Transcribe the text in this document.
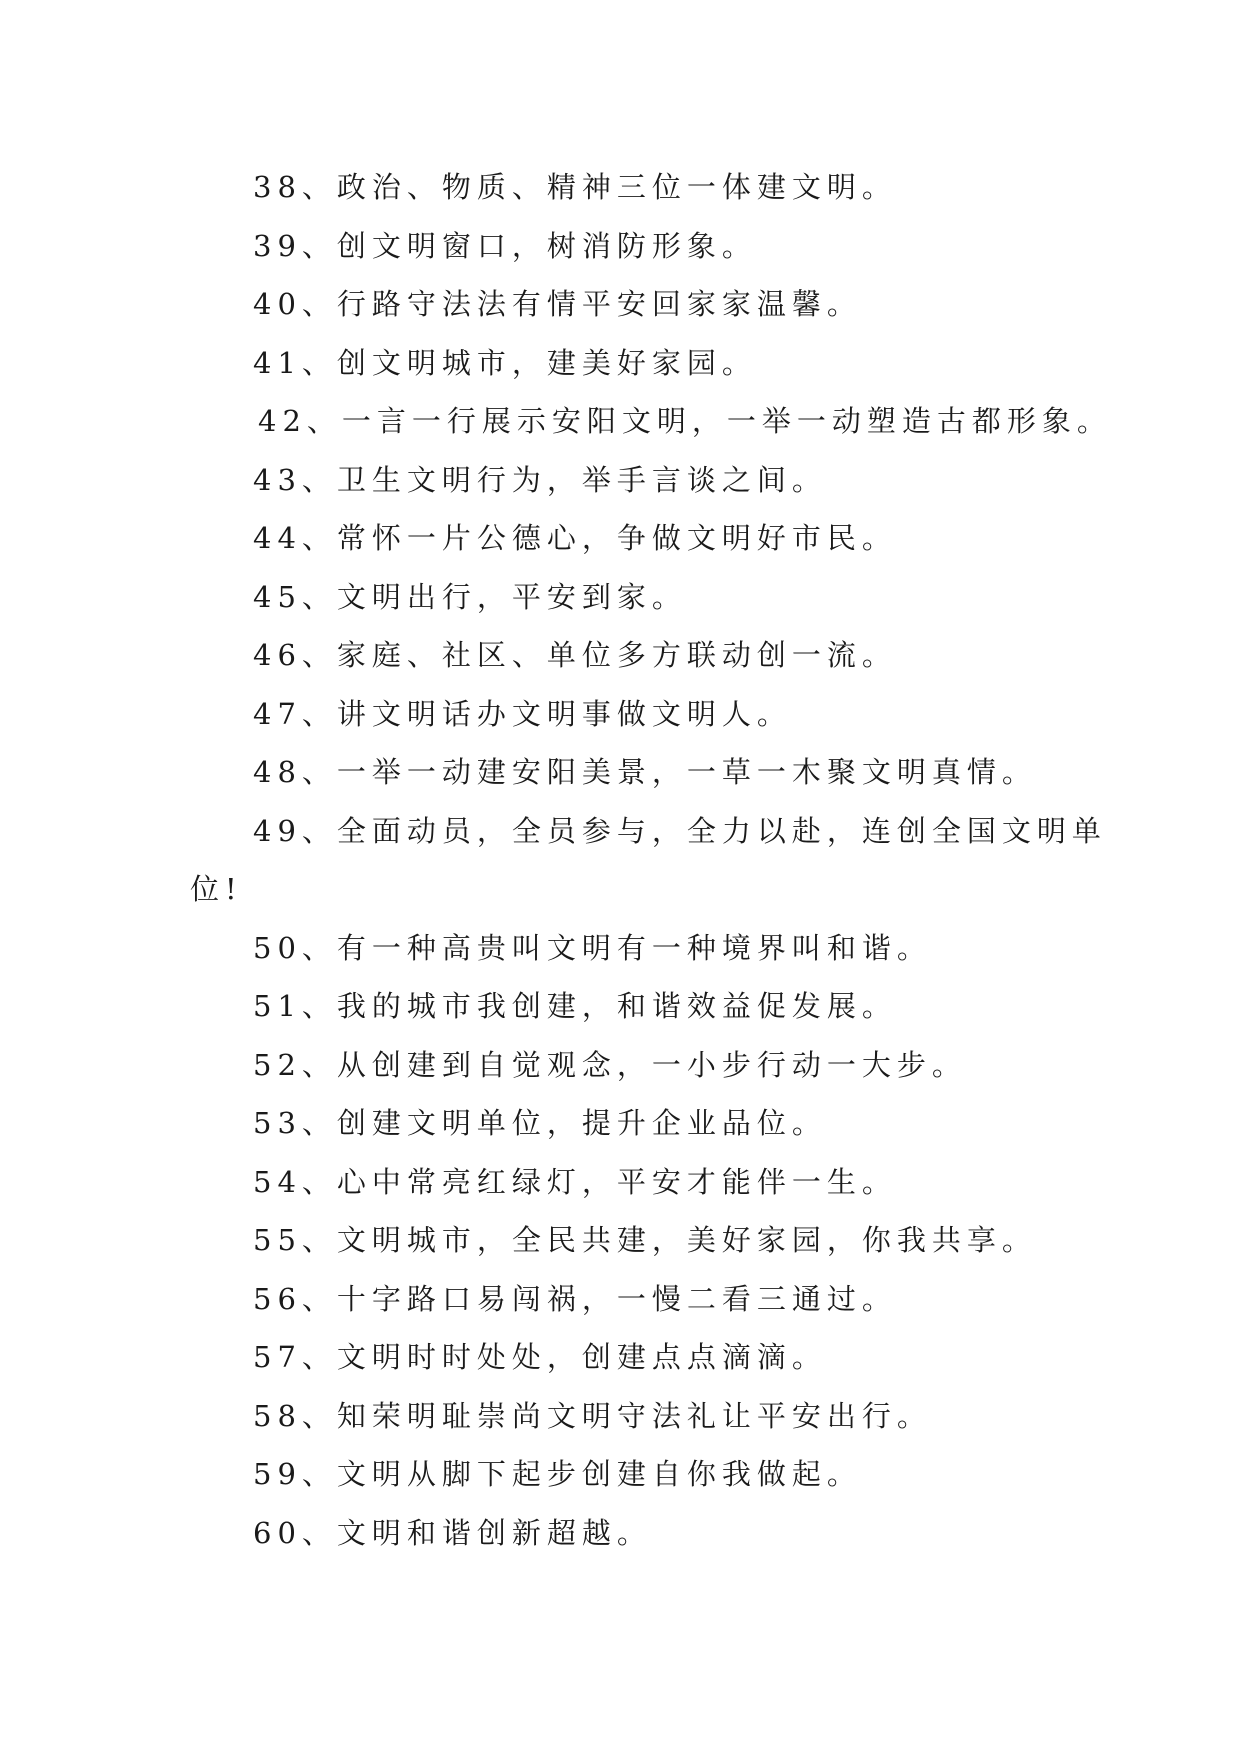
38、政治、物质、精神三位一体建文明。
39、创文明窗口，树消防形象。
40、行路守法法有情平安回家家温馨。
41、创文明城市，建美好家园。
42、一言一行展示安阳文明，一举一动塑造古都形象。
43、卫生文明行为，举手言谈之间。
44、常怀一片公德心，争做文明好市民。
45、文明出行，平安到家。
46、家庭、社区、单位多方联动创一流。
47、讲文明话办文明事做文明人。
48、一举一动建安阳美景，一草一木聚文明真情。
49、全面动员，全员参与，全力以赴，连创全国文明单
位!
50、有一种高贵叫文明有一种境界叫和谐。
51、我的城市我创建，和谐效益促发展。
52、从创建到自觉观念，一小步行动一大步。
53、创建文明单位，提升企业品位。
54、心中常亮红绿灯，平安才能伴一生。
55、文明城市，全民共建，美好家园，你我共享。
56、十字路口易闯祸，一慢二看三通过。
57、文明时时处处，创建点点滴滴。
58、知荣明耻崇尚文明守法礼让平安出行。
59、文明从脚下起步创建自你我做起。
60、文明和谐创新超越。
